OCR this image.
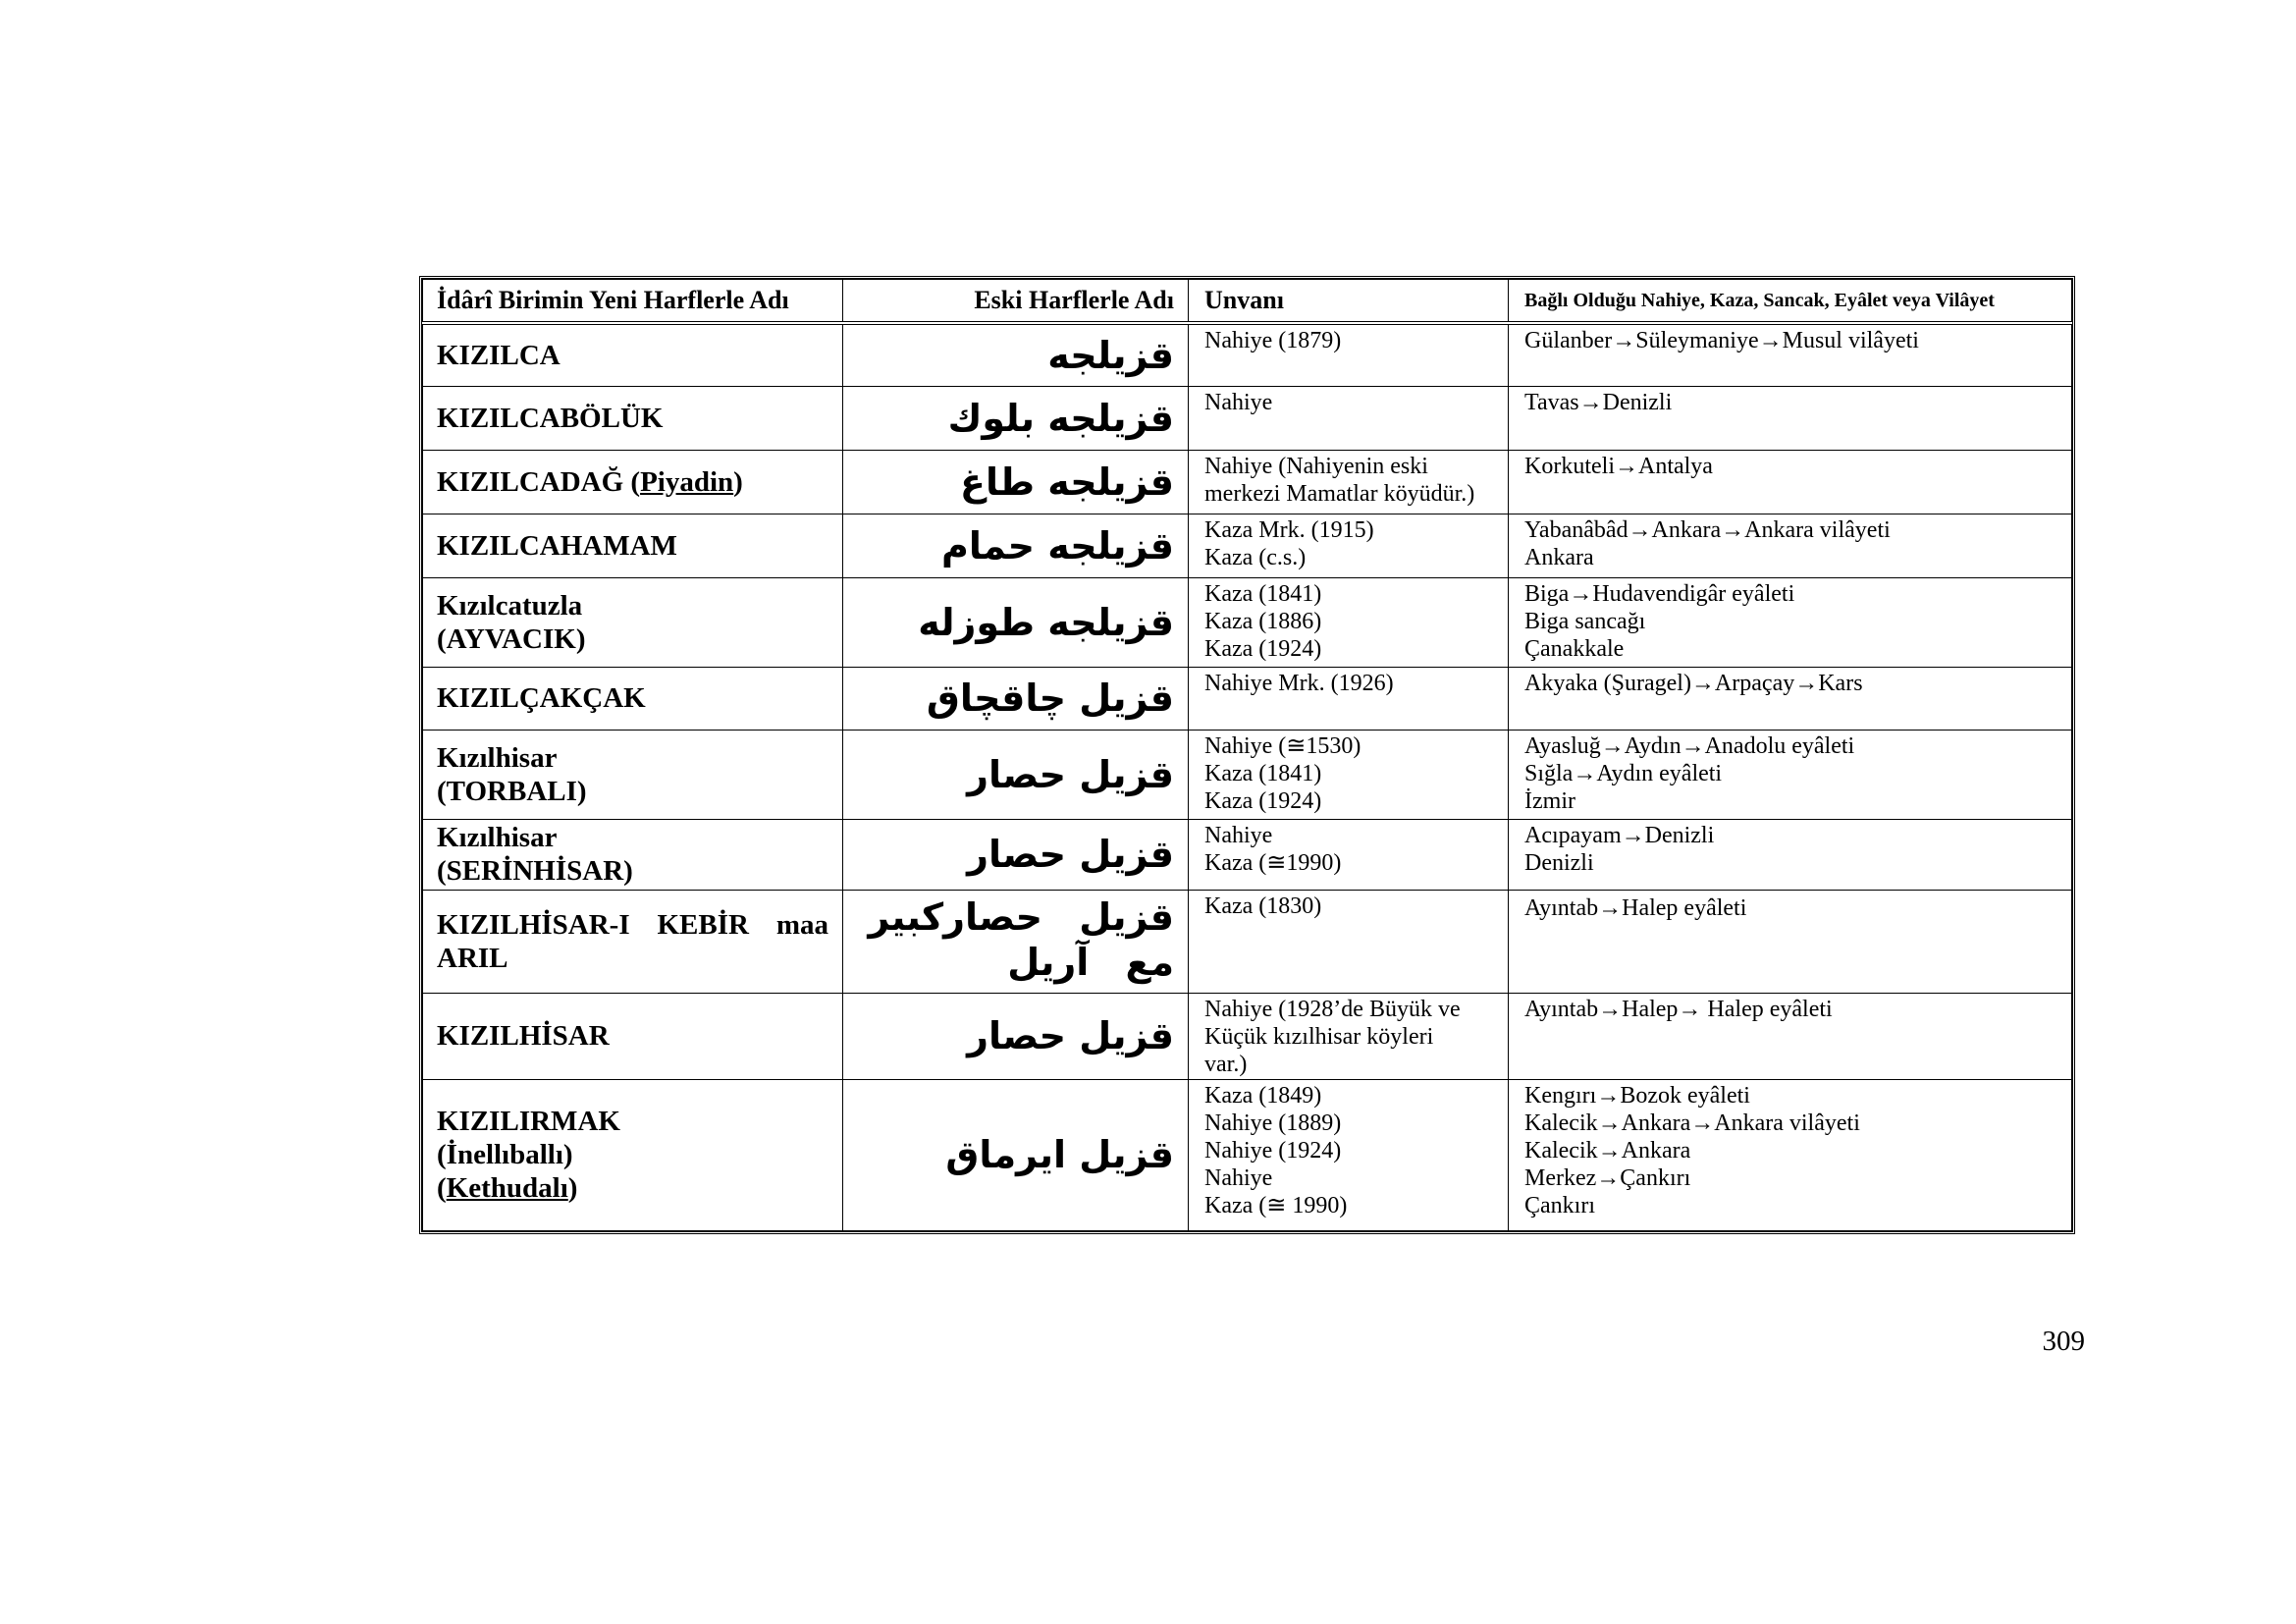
İdârî Birimin Yeni Harflerle Adı	Eski Harflerle Adı	Unvanı	Bağlı Olduğu Nahiye, Kaza, Sancak, Eyâlet veya Vilâyet

KIZILCA	قزيلجه	Nahiye (1879)	Gülanber→Süleymaniye→Musul vilâyeti

KIZILCABÖLÜK	قزيلجه بلوك	Nahiye	Tavas→Denizli

KIZILCADAĞ (Piyadin)	قزيلجه طاغ	Nahiye (Nahiyenin eski
merkezi Mamatlar köyüdür.)	Korkuteli→Antalya

KIZILCAHAMAM	قزيلجه حمام	Kaza Mrk. (1915)
Kaza (c.s.)	Yabanâbâd→Ankara→Ankara vilâyeti
Ankara

Kızılcatuzla
(AYVACIK)	قزيلجه طوزله	Kaza (1841)
Kaza (1886)
Kaza (1924)	Biga→Hudavendigâr eyâleti
Biga sancağı
Çanakkale

KIZILÇAKÇAK	قزيل چاقچاق	Nahiye Mrk. (1926)	Akyaka (Şuragel)→Arpaçay→Kars

Kızılhisar
(TORBALI)	قزيل حصار	Nahiye (≅1530)
Kaza (1841)
Kaza (1924)	Ayasluğ→Aydın→Anadolu eyâleti
Sığla→Aydın eyâleti
İzmir

Kızılhisar
(SERİNHİSAR)	قزيل حصار	Nahiye
Kaza (≅1990)	Acıpayam→Denizli
Denizli

KIZILHİSAR-I KEBİR maa ARIL	قزيل حصاركبير مع آريل	Kaza (1830)	Ayıntab→Halep eyâleti

KIZILHİSAR	قزيل حصار	Nahiye (1928’de Büyük ve
Küçük kızılhisar köyleri
var.)	Ayıntab→Halep→ Halep eyâleti

KIZILIRMAK
(İnellıballı)
(Kethudalı)	قزيل ايرماق	Kaza (1849)
Nahiye (1889)
Nahiye (1924)
Nahiye
Kaza (≅ 1990)	Kengırı→Bozok eyâleti
Kalecik→Ankara→Ankara vilâyeti
Kalecik→Ankara
Merkez→Çankırı
Çankırı
309
